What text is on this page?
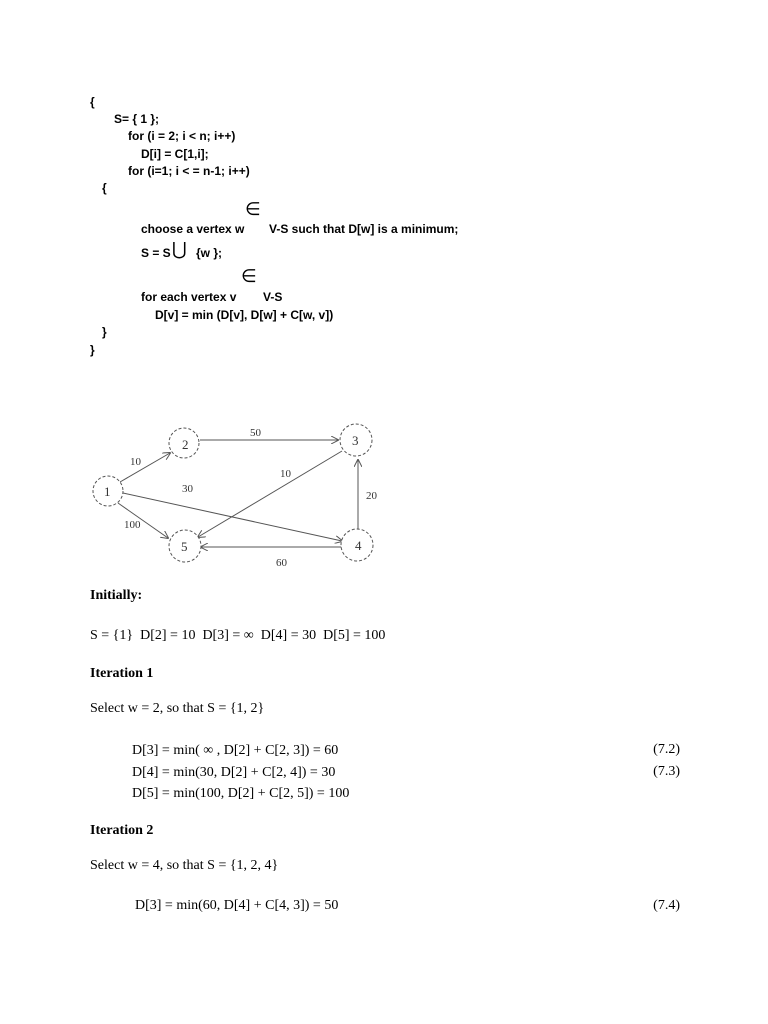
{
S= { 1 };
for (i = 2; i < n; i++)
D[i] = C[1,i];
for (i=1; i < = n-1; i++)
{
∈
choose a vertex w V-S such that D[w] is a minimum;
S = S ⋃ {w };
∈
for each vertex v V-S
D[v] = min (D[v], D[w] + C[w, v])
}
}
1
2	3
4
5
10
50
30
100
10
20
60
Initially:
S = {1}  D[2] = 10  D[3] = ∞  D[4] = 30  D[5] = 100
Iteration 1
Select w = 2, so that S = {1, 2}
D[3] = min( ∞ , D[2] + C[2, 3]) = 60	(7.2)
D[4] = min(30, D[2] + C[2, 4]) = 30	(7.3)
D[5] = min(100, D[2] + C[2, 5]) = 100
Iteration 2
Select w = 4, so that S = {1, 2, 4}
D[3] = min(60, D[4] + C[4, 3]) = 50	(7.4)
